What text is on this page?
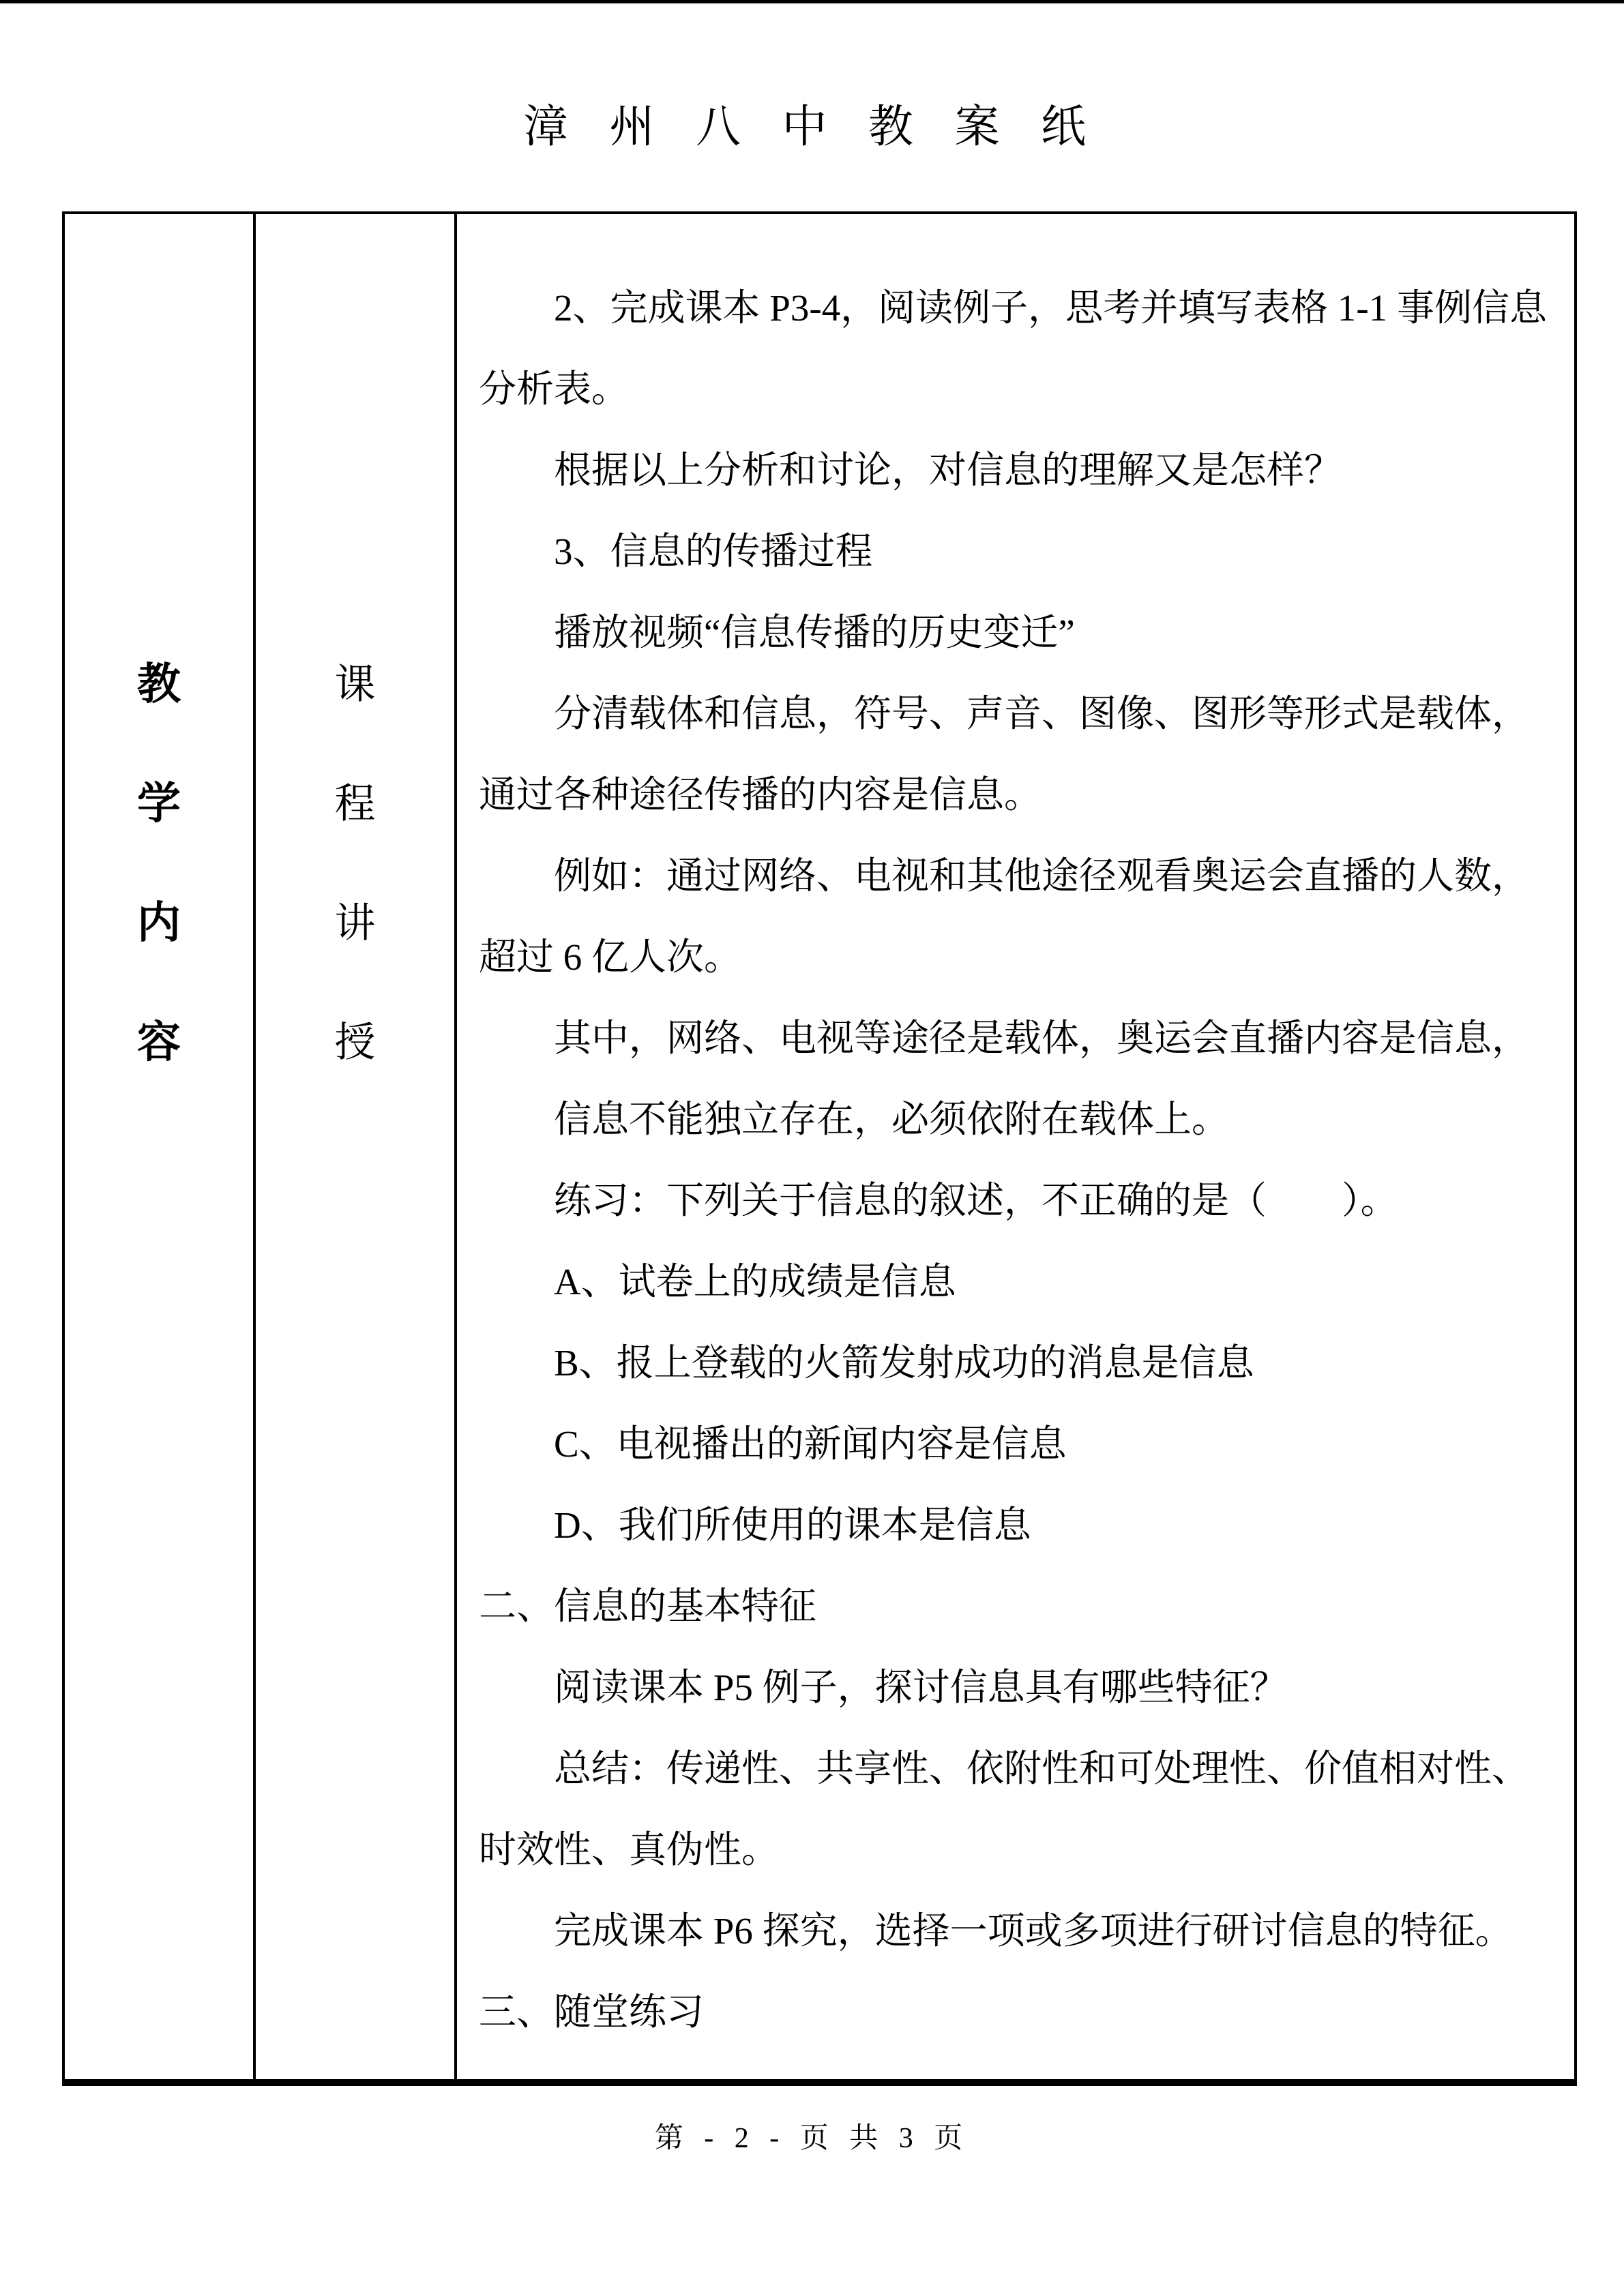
漳 州 八 中 教 案 纸
教
学
内
容
课
程
讲
授
2、完成课本 P3-4，阅读例子，思考并填写表格 1-1 事例信息
分析表。
根据以上分析和讨论，对信息的理解又是怎样？
3、信息的传播过程
播放视频“信息传播的历史变迁”
分清载体和信息，符号、声音、图像、图形等形式是载体，
通过各种途径传播的内容是信息。
例如：通过网络、电视和其他途径观看奥运会直播的人数，
超过 6 亿人次。
其中，网络、电视等途径是载体，奥运会直播内容是信息，
信息不能独立存在，必须依附在载体上。
练习：下列关于信息的叙述，不正确的是（　　）。
A、试卷上的成绩是信息
B、报上登载的火箭发射成功的消息是信息
C、电视播出的新闻内容是信息
D、我们所使用的课本是信息
二、信息的基本特征
阅读课本 P5 例子，探讨信息具有哪些特征？
总结：传递性、共享性、依附性和可处理性、价值相对性、
时效性、真伪性。
完成课本 P6 探究，选择一项或多项进行研讨信息的特征。
三、随堂练习
第 - 2 - 页 共 3 页
